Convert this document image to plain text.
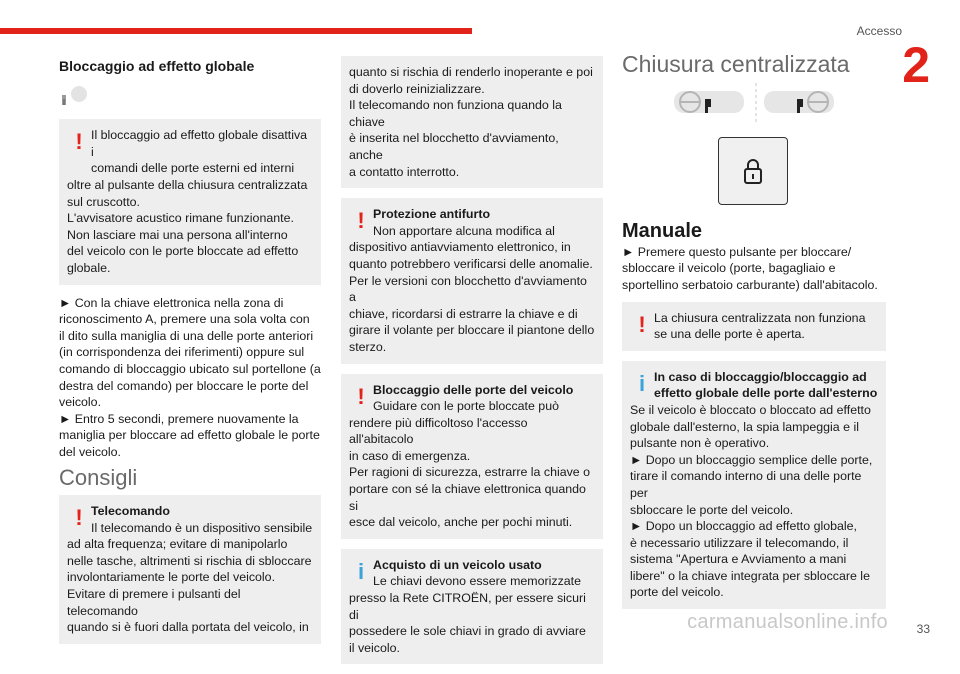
Accesso
2
Bloccaggio ad effetto globale
! Il bloccaggio ad effetto globale disattiva i
comandi delle porte esterni ed interni
oltre al pulsante della chiusura centralizzata
sul cruscotto.
L'avvisatore acustico rimane funzionante.
Non lasciare mai una persona all'interno
del veicolo con le porte bloccate ad effetto
globale.
► Con la chiave elettronica nella zona di
riconoscimento A, premere una sola volta con
il dito sulla maniglia di una delle porte anteriori
(in corrispondenza dei riferimenti) oppure sul
comando di bloccaggio ubicato sul portellone (a
destra del comando) per bloccare le porte del
veicolo.
► Entro 5 secondi, premere nuovamente la
maniglia per bloccare ad effetto globale le porte
del veicolo.
Consigli
! Telecomando
Il telecomando è un dispositivo sensibile
ad alta frequenza; evitare di manipolarlo
nelle tasche, altrimenti si rischia di sbloccare
involontariamente le porte del veicolo.
Evitare di premere i pulsanti del telecomando
quando si è fuori dalla portata del veicolo, in
quanto si rischia di renderlo inoperante e poi
di doverlo reinizializzare.
Il telecomando non funziona quando la chiave
è inserita nel blocchetto d'avviamento, anche
a contatto interrotto.
! Protezione antifurto
Non apportare alcuna modifica al
dispositivo antiavviamento elettronico, in
quanto potrebbero verificarsi delle anomalie.
Per le versioni con blocchetto d'avviamento a
chiave, ricordarsi di estrarre la chiave e di
girare il volante per bloccare il piantone dello
sterzo.
! Bloccaggio delle porte del veicolo
Guidare con le porte bloccate può
rendere più difficoltoso l'accesso all'abitacolo
in caso di emergenza.
Per ragioni di sicurezza, estrarre la chiave o
portare con sé la chiave elettronica quando si
esce dal veicolo, anche per pochi minuti.
i Acquisto di un veicolo usato
Le chiavi devono essere memorizzate
presso la Rete CITROËN, per essere sicuri di
possedere le sole chiavi in grado di avviare
il veicolo.
Chiusura centralizzata
Manuale
► Premere questo pulsante per bloccare/
sbloccare il veicolo (porte, bagagliaio e
sportellino serbatoio carburante) dall'abitacolo.
! La chiusura centralizzata non funziona
se una delle porte è aperta.
i In caso di bloccaggio/bloccaggio ad
effetto globale delle porte dall'esterno
Se il veicolo è bloccato o bloccato ad effetto
globale dall'esterno, la spia lampeggia e il
pulsante non è operativo.
► Dopo un bloccaggio semplice delle porte,
tirare il comando interno di una delle porte per
sbloccare le porte del veicolo.
► Dopo un bloccaggio ad effetto globale,
è necessario utilizzare il telecomando, il
sistema "Apertura e Avviamento a mani
libere" o la chiave integrata per sbloccare le
porte del veicolo.
carmanualsonline.info 33
